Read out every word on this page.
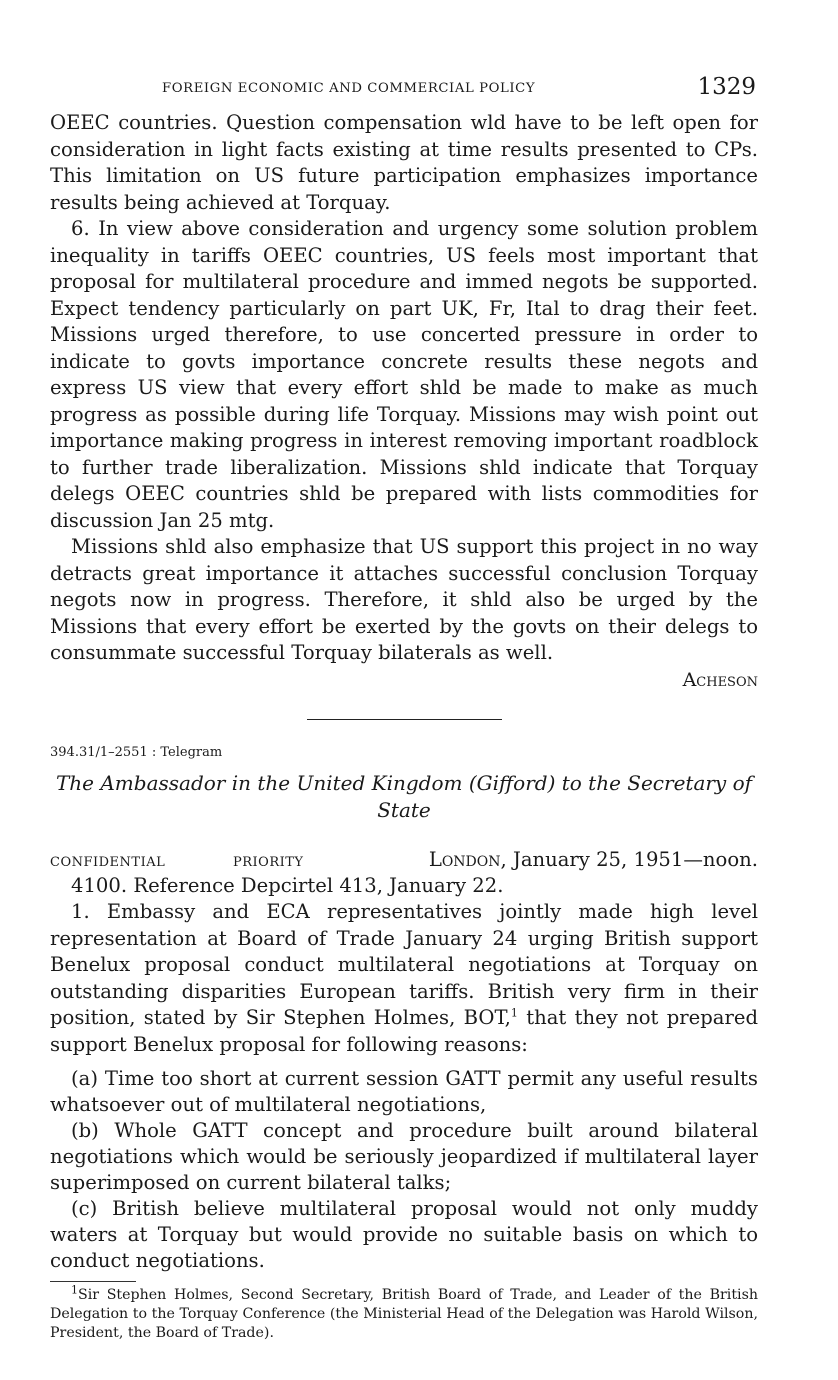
FOREIGN ECONOMIC AND COMMERCIAL POLICY	1329

OEEC countries. Question compensation wld have to be left open for consideration in light facts existing at time results presented to CPs. This limitation on US future participation emphasizes importance results being achieved at Torquay.

6. In view above consideration and urgency some solution problem inequality in tariffs OEEC countries, US feels most important that proposal for multilateral procedure and immed negots be supported. Expect tendency particularly on part UK, Fr, Ital to drag their feet. Missions urged therefore, to use concerted pressure in order to indicate to govts importance concrete results these negots and express US view that every effort shld be made to make as much progress as possible during life Torquay. Missions may wish point out importance making progress in interest removing important roadblock to further trade liberalization. Missions shld indicate that Torquay delegs OEEC countries shld be prepared with lists commodities for discussion Jan 25 mtg.

Missions shld also emphasize that US support this project in no way detracts great importance it attaches successful conclusion Torquay negots now in progress. Therefore, it shld also be urged by the Missions that every effort be exerted by the govts on their delegs to consummate successful Torquay bilaterals as well.

Acheson

394.31/1–2551 : Telegram
The Ambassador in the United Kingdom (Gifford) to the Secretary of State
CONFIDENTIAL	PRIORITY	London, January 25, 1951—noon.

4100. Reference Depcirtel 413, January 22.

1. Embassy and ECA representatives jointly made high level representation at Board of Trade January 24 urging British support Benelux proposal conduct multilateral negotiations at Torquay on outstanding disparities European tariffs. British very firm in their position, stated by Sir Stephen Holmes, BOT,$^1$ that they not prepared support Benelux proposal for following reasons:

(a) Time too short at current session GATT permit any useful results whatsoever out of multilateral negotiations,

(b) Whole GATT concept and procedure built around bilateral negotiations which would be seriously jeopardized if multilateral layer superimposed on current bilateral talks;

(c) British believe multilateral proposal would not only muddy waters at Torquay but would provide no suitable basis on which to conduct negotiations.

$^1$Sir Stephen Holmes, Second Secretary, British Board of Trade, and Leader of the British Delegation to the Torquay Conference (the Ministerial Head of the Delegation was Harold Wilson, President, the Board of Trade).
